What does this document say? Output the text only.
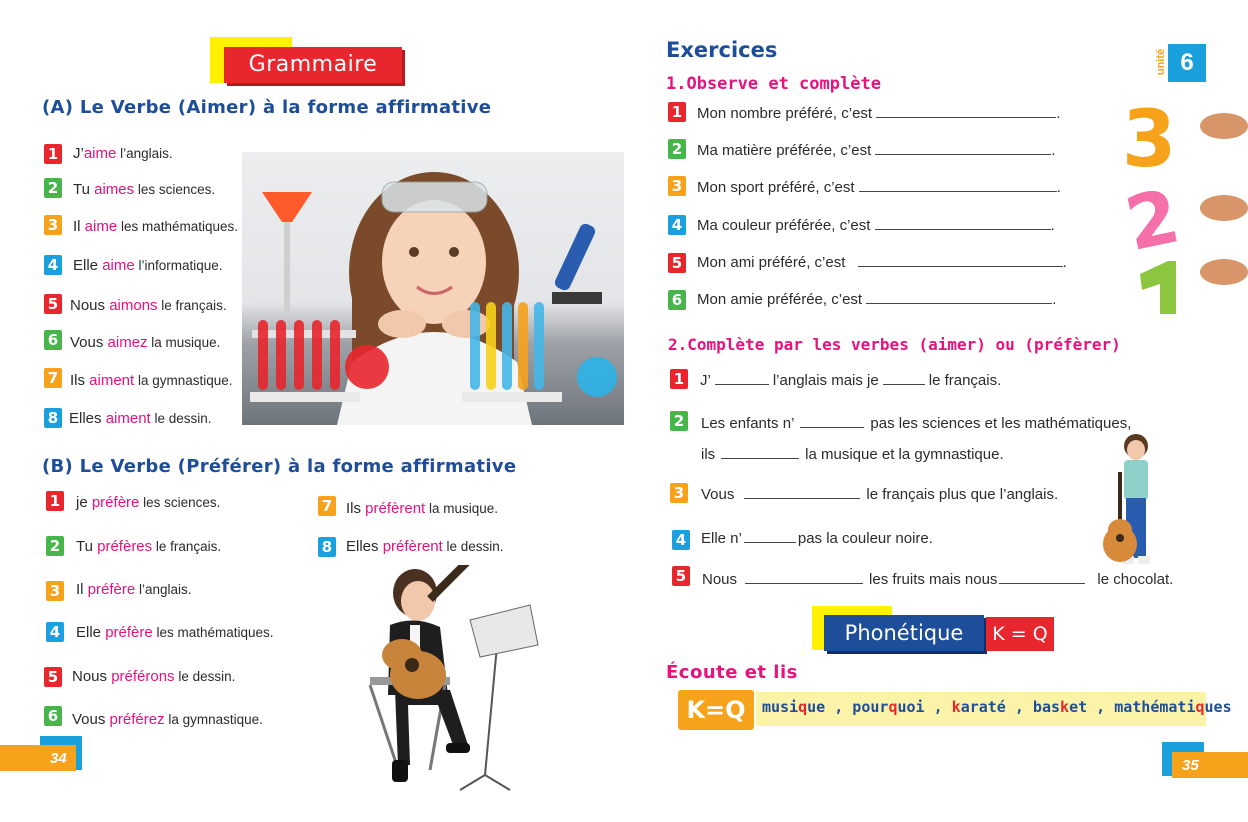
Grammaire
(A) Le Verbe (Aimer) à la forme affirmative
1 J’aime l’anglais.
2 Tu aimes les sciences.
3 Il aime les mathématiques.
4 Elle aime l’informatique.
5 Nous aimons le français.
6 Vous aimez la musique.
7 Ils aiment la gymnastique.
8 Elles aiment le dessin.
(B) Le Verbe (Préférer) à la forme affirmative
1 je préfère les sciences.
2 Tu préfères le français.
3 Il préfère l’anglais.
4 Elle préfère les mathématiques.
5 Nous préférons le dessin.
6 Vous préférez la gymnastique.
7 Ils préfèrent la musique.
8 Elles préfèrent le dessin.
34
Exercices	unité 6
3
2
1.Observe et complète
1 Mon nombre préféré, c’est	.
2 Ma matière préférée, c’est	.
3 Mon sport préféré, c’est	.
4 Ma couleur préférée, c’est	.
5 Mon ami préféré, c’est	.
6 Mon amie préférée, c’est	.
2.Complète par les verbes (aimer) ou (préfèrer)
1 J’	l’anglais mais je	le français.
2 Les enfants n’	pas les sciences et les mathématiques,
ils	la musique et la gymnastique.
3 Vous	le français plus que l’anglais.
4 Elle n’	pas la couleur noire.
5 Nous	les fruits mais nous	le chocolat.
Phonétique	K = Q
Écoute et lis
K=Q	musique , pourquoi , karaté , basket , mathématiques
35
